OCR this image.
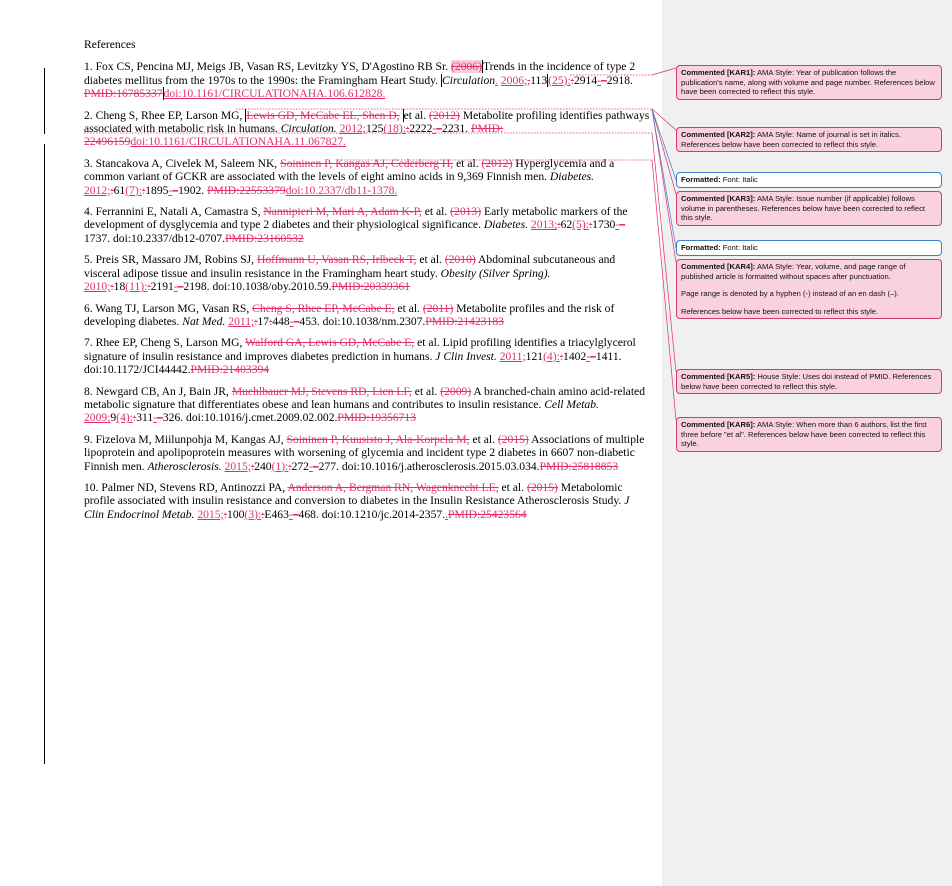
References

1. Fox CS, Pencina MJ, Meigs JB, Vasan RS, Levitzky YS, D'Agostino RB Sr. (2006)Trends in the incidence of type 2 diabetes mellitus from the 1970s to the 1990s: the Framingham Heart Study. Circulation. 2006;,113(25)::2914-–2918. PMID:16785337doi:10.1161/CIRCULATIONAHA.106.612828.

2. Cheng S, Rhee EP, Larson MG, Lewis GD, McCabe EL, Shen D, et al. (2012) Metabolite profiling identifies pathways associated with metabolic risk in humans. Circulation. 2012;125(18)::2222-–2231. PMID: 22496159doi:10.1161/CIRCULATIONAHA.11.067827.

3. Stancakova A, Civelek M, Saleem NK, Soininen P, Kangas AJ, Cederberg H, et al. (2012) Hyperglycemia and a common variant of GCKR are associated with the levels of eight amino acids in 9,369 Finnish men. Diabetes. 2012;:61(7)::1895-–1902. PMID:22553379doi:10.2337/db11-1378.

4. Ferrannini E, Natali A, Camastra S, Nannipieri M, Mari A, Adam K-P, et al. (2013) Early metabolic markers of the development of dysglycemia and type 2 diabetes and their physiological significance. Diabetes. 2013;:62(5)::1730-–1737. doi:10.2337/db12-0707.PMID:23160532

5. Preis SR, Massaro JM, Robins SJ, Hoffmann U, Vasan RS, Irlbeck T, et al. (2010) Abdominal subcutaneous and visceral adipose tissue and insulin resistance in the Framingham heart study. Obesity (Silver Spring). 2010;:18(11)::2191-–2198. doi:10.1038/oby.2010.59.PMID:20339361

6. Wang TJ, Larson MG, Vasan RS, Cheng S, Rhee EP, McCabe E, et al. (2011) Metabolite profiles and the risk of developing diabetes. Nat Med. 2011;:17:448-–453. doi:10.1038/nm.2307.PMID:21423183

7. Rhee EP, Cheng S, Larson MG, Walford GA, Lewis GD, McCabe E, et al. Lipid profiling identifies a triacylglycerol signature of insulin resistance and improves diabetes prediction in humans. J Clin Invest. 2011;121(4)::1402-–1411. doi:10.1172/JCI44442.PMID:21403394

8. Newgard CB, An J, Bain JR, Muehlbauer MJ, Stevens RD, Lien LF, et al. (2009) A branched-chain amino acid-related metabolic signature that differentiates obese and lean humans and contributes to insulin resistance. Cell Metab. 2009;9(4)::311-–326. doi:10.1016/j.cmet.2009.02.002.PMID:19356713

9. Fizelova M, Miilunpohja M, Kangas AJ, Soininen P, Kuusisto J, Ala-Korpela M, et al. (2015) Associations of multiple lipoprotein and apolipoprotein measures with worsening of glycemia and incident type 2 diabetes in 6607 non-diabetic Finnish men. Atherosclerosis. 2015;:240(1)::272-–277. doi:10.1016/j.atherosclerosis.2015.03.034.PMID:25818853

10. Palmer ND, Stevens RD, Antinozzi PA, Anderson A, Bergman RN, Wagenknecht LE, et al. (2015) Metabolomic profile associated with insulin resistance and conversion to diabetes in the Insulin Resistance Atherosclerosis Study. J Clin Endocrinol Metab. 2015;:100(3)::E463-–468. doi:10.1210/jc.2014-2357..PMID:25423564

Commented [KAR1]: AMA Style: Year of publication follows the publication's name, along with volume and page number. References below have been corrected to reflect this style.

Commented [KAR2]: AMA Style: Name of journal is set in italics. References below have been corrected to reflect this style.

Formatted: Font: Italic

Commented [KAR3]: AMA Style: Issue number (if applicable) follows volume in parentheses. References below have been corrected to reflect this style.

Formatted: Font: Italic

Commented [KAR4]: AMA Style: Year, volume, and page range of published article is formatted without spaces after punctuation.

Page range is denoted by a hyphen (-) instead of an en dash (–).

References below have been corrected to reflect this style.

Commented [KAR5]: House Style: Uses doi instead of PMID. References below have been corrected to reflect this style.

Commented [KAR6]: AMA Style: When more than 6 authors, list the first three before "et al". References below have been corrected to reflect this style.
